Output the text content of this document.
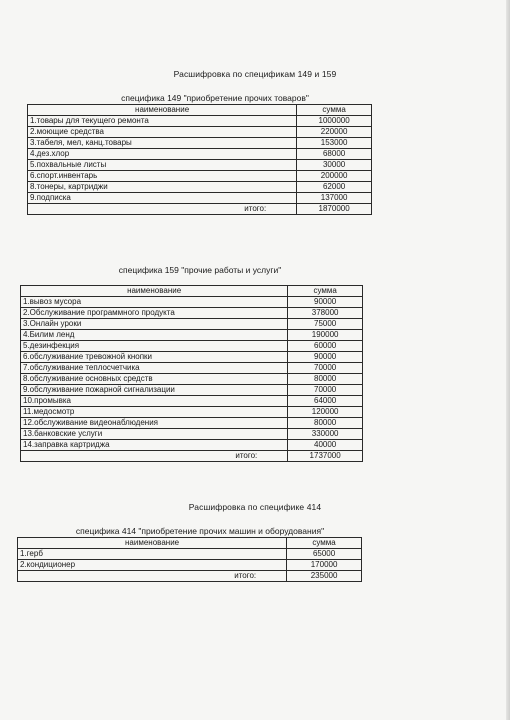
Расшифровка по спецификам 149 и 159
специфика 149 "приобретение прочих товаров"
наименование	сумма
1.товары для текущего ремонта	1000000
2.моющие средства	220000
3.табеля, мел, канц.товары	153000
4.дез.хлор	68000
5.похвальные листы	30000
6.спорт.инвентарь	200000
8.тонеры, картриджи	62000
9.подписка	137000
итого:	1870000
специфика 159 "прочие работы и услуги"
наименование	сумма
1.вывоз мусора	90000
2.Обслуживание программного продукта	378000
3.Онлайн уроки	75000
4.Билим ленд	190000
5.дезинфекция	60000
6.обслуживание тревожной кнопки	90000
7.обслуживание теплосчетчика	70000
8.обслуживание основных средств	80000
9.обслуживание пожарной сигнализации	70000
10.промывка	64000
11.медосмотр	120000
12.обслуживание видеонаблюдения	80000
13.банковские услуги	330000
14.заправка картриджа	40000
итого:	1737000
Расшифровка по специфике 414
специфика 414 "приобретение прочих машин и оборудования"
наименование	сумма
1.герб	65000
2.кондиционер	170000
итого:	235000
